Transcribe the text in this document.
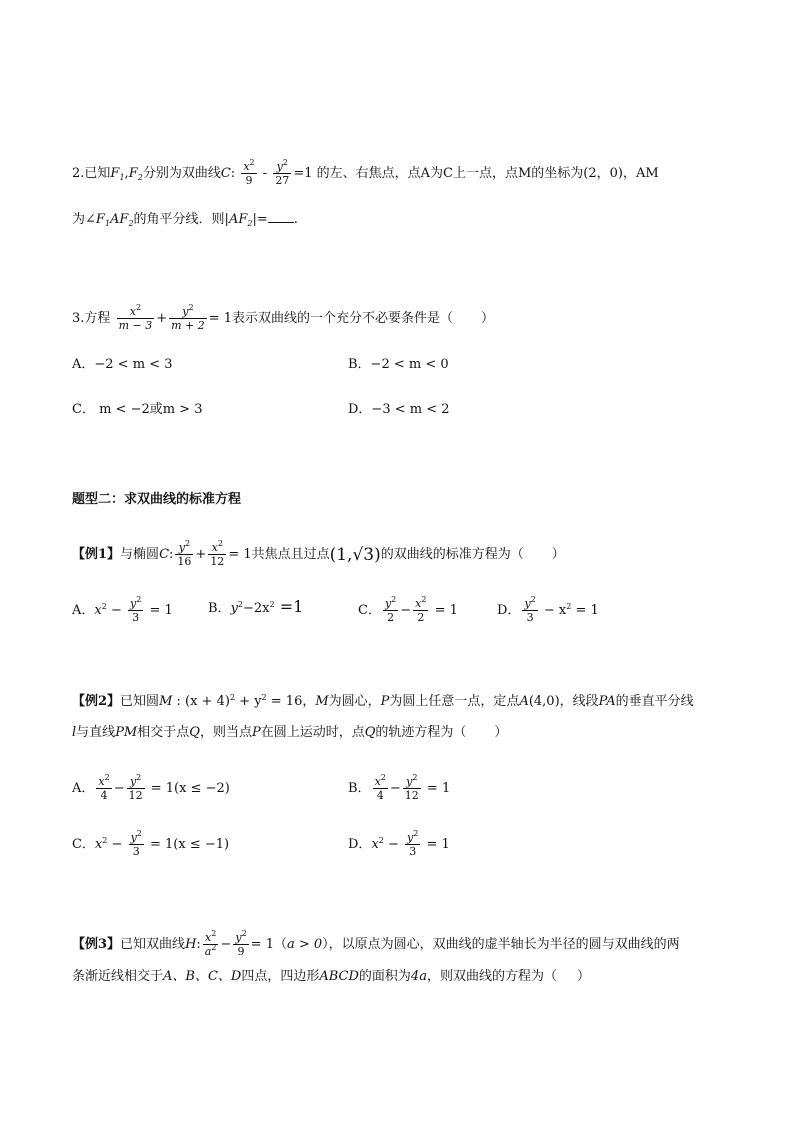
2.已知$F_1,F_2$分别为双曲线C: $\frac{x^2}{9} - \frac{y^2}{27} =1$ 的左、右焦点，点A为C上一点，点M的坐标为(2，0)，AM
为$\angle F_1AF_2$的角平分线．则$|AF_2|=$ .
3.方程 $\frac{x^2}{m - 3} + \frac{y^2}{m + 2} = 1$表示双曲线的一个充分不必要条件是（ ）
A．−2 < m < 3	B．−2 < m < 0
C． m < −2或m > 3	D．−3 < m < 2
题型二：求双曲线的标准方程
【例1】与椭圆C: $\frac{y^2}{16} + \frac{x^2}{12} = 1$共焦点且过点(1,√3)的双曲线的标准方程为（ ）
A．$x^2 - \frac{y^2}{3} = 1$	B．$y^2-2x^2 =1$	C． $\frac{y^2}{2} - \frac{x^2}{2} = 1$	D． $\frac{y^2}{3} - x^2 = 1$
【例2】已知圆M : $(x + 4)^2 + y^2 = 16$，M为圆心，P为圆上任意一点，定点A(4,0)，线段PA的垂直平分线
l与直线PM相交于点Q，则当点P在圆上运动时，点Q的轨迹方程为（ ）
A． $\frac{x^2}{4} - \frac{y^2}{12} = 1(x \le -2)$	B． $\frac{x^2}{4} - \frac{y^2}{12} = 1$
C．$x^2 - \frac{y^2}{3} = 1(x \le -1)$	D．$x^2 - \frac{y^2}{3} = 1$
【例3】已知双曲线H: $\frac{x^2}{a^2} - \frac{y^2}{9} = 1(a > 0)$，以原点为圆心，双曲线的虚半轴长为半径的圆与双曲线的两
条渐近线相交于A、B、C、D四点，四边形ABCD的面积为4a，则双曲线的方程为（ ）
